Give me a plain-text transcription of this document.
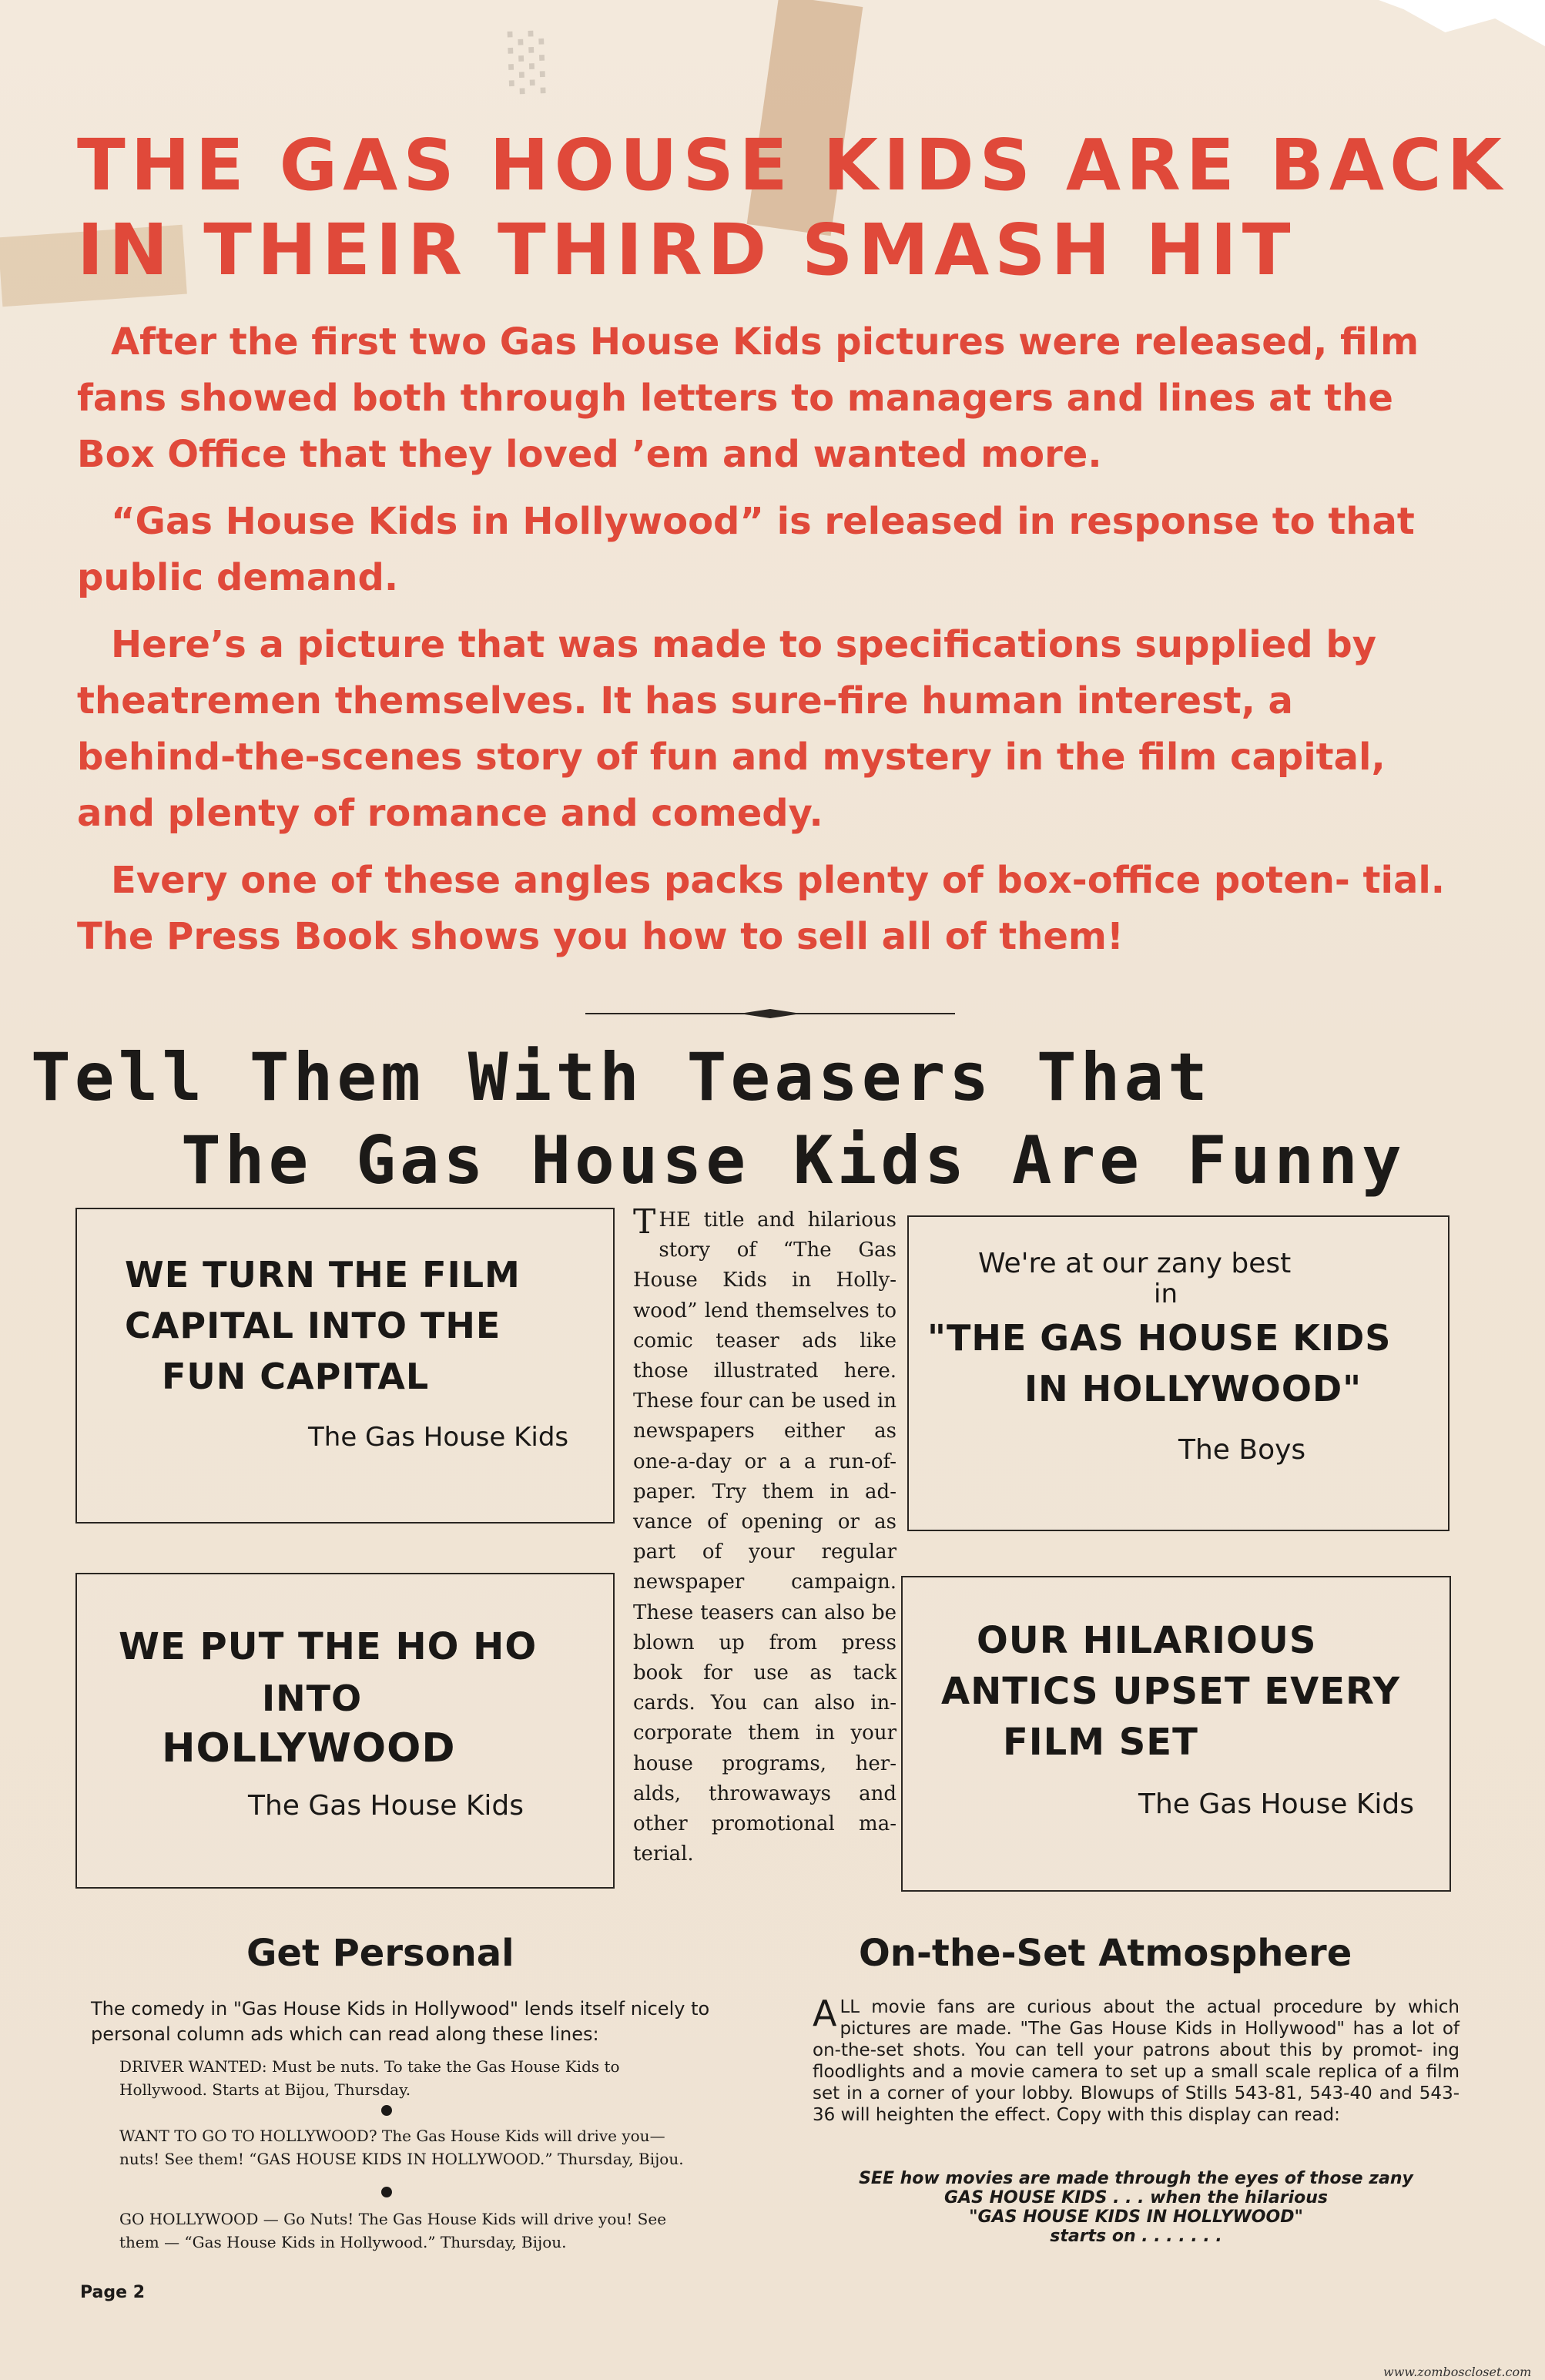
░
THE GAS HOUSE KIDS ARE BACK
IN THEIR THIRD SMASH HIT

After the first two Gas House Kids pictures were released, film fans showed both through letters to managers and lines at the Box Office that they loved ’em and wanted more.

“Gas House Kids in Hollywood” is released in response to that public demand.

Here’s a picture that was made to specifications supplied by theatremen themselves. It has sure-fire human interest, a behind-the-scenes story of fun and mystery in the film capital, and plenty of romance and comedy.

Every one of these angles packs plenty of box-office poten- tial. The Press Book shows you how to sell all of them!

Tell Them With Teasers That
The Gas House Kids Are Funny
WE TURN THE FILM
CAPITAL INTO THE
FUN CAPITAL
The Gas House Kids
We're at our zany best
in
"THE GAS HOUSE KIDS
IN HOLLYWOOD"
The Boys
WE PUT THE HO HO
INTO
HOLLYWOOD
The Gas House Kids
OUR HILARIOUS
ANTICS UPSET EVERY
FILM SET
The Gas House Kids
THE title and hilarious story of “The Gas House Kids in Holly- wood” lend themselves to comic teaser ads like those illustrated here. These four can be used in newspapers either as one-a-day or a a run-of- paper. Try them in ad- vance of opening or as part of your regular newspaper campaign. These teasers can also be blown up from press book for use as tack cards. You can also in- corporate them in your house programs, her- alds, throwaways and other promotional ma- terial.
Get Personal
The comedy in "Gas House Kids in Hollywood" lends itself nicely to personal column ads which can read along these lines:
DRIVER WANTED: Must be nuts. To take the Gas House Kids to Hollywood. Starts at Bijou, Thursday.
WANT TO GO TO HOLLYWOOD? The Gas House Kids will drive you—nuts! See them! “GAS HOUSE KIDS IN HOLLYWOOD.” Thursday, Bijou.
GO HOLLYWOOD — Go Nuts! The Gas House Kids will drive you! See them — “Gas House Kids in Hollywood.” Thursday, Bijou.
On-the-Set Atmosphere
ALL movie fans are curious about the actual procedure by which pictures are made. "The Gas House Kids in Hollywood" has a lot of on-the-set shots. You can tell your patrons about this by promot- ing floodlights and a movie camera to set up a small scale replica of a film set in a corner of your lobby. Blowups of Stills 543-81, 543-40 and 543-36 will heighten the effect. Copy with this display can read:
SEE how movies are made through the eyes of those zany
GAS HOUSE KIDS . . . when the hilarious
"GAS HOUSE KIDS IN HOLLYWOOD"
starts on . . . . . . .
Page 2
www.zomboscloset.com
